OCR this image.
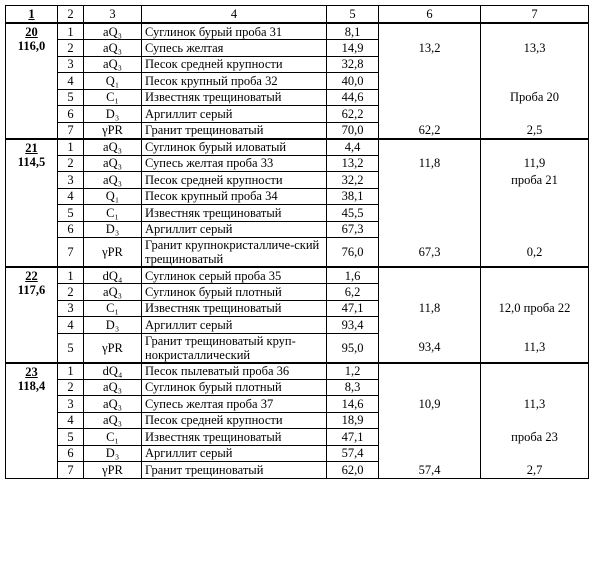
1	2	3	4	5	6	7

20
116,0	1	aQ₃	Суглинок бурый проба 31	8,1		
	2	aQ₃	Супесь желтая	14,9	13,2	13,3
	3	aQ₃	Песок средней крупности	32,8		
	4	Q₁	Песок крупный проба 32	40,0		
	5	C₁	Известняк трещиноватый	44,6		Проба 20
	6	D₃	Аргиллит серый	62,2		
	7	γPR	Гранит трещиноватый	70,0	62,2	2,5

21
114,5	1	aQ₃	Суглинок бурый иловатый	4,4		
	2	aQ₃	Супесь желтая проба 33	13,2	11,8	11,9
	3	aQ₃	Песок средней крупности	32,2		проба 21
	4	Q₁	Песок крупный проба 34	38,1		
	5	C₁	Известняк трещиноватый	45,5		
	6	D₃	Аргиллит серый	67,3		
	7	γPR	Гранит крупнокристалличе-ский трещиноватый	76,0	67,3	0,2

22
117,6	1	dQ₄	Суглинок серый проба 35	1,6		
	2	aQ₃	Суглинок бурый плотный	6,2		
	3	C₁	Известняк трещиноватый	47,1	11,8	12,0 проба 22
	4	D₃	Аргиллит серый	93,4		
	5	γPR	Гранит трещиноватый круп-нокристаллический	95,0	93,4	11,3

23
118,4	1	dQ₄	Песок пылеватый проба 36	1,2		
	2	aQ₃	Суглинок бурый плотный	8,3		
	3	aQ₃	Супесь желтая проба 37	14,6	10,9	11,3
	4	aQ₃	Песок средней крупности	18,9		
	5	C₁	Известняк трещиноватый	47,1		проба 23
	6	D₃	Аргиллит серый	57,4		
	7	γPR	Гранит трещиноватый	62,0	57,4	2,7
